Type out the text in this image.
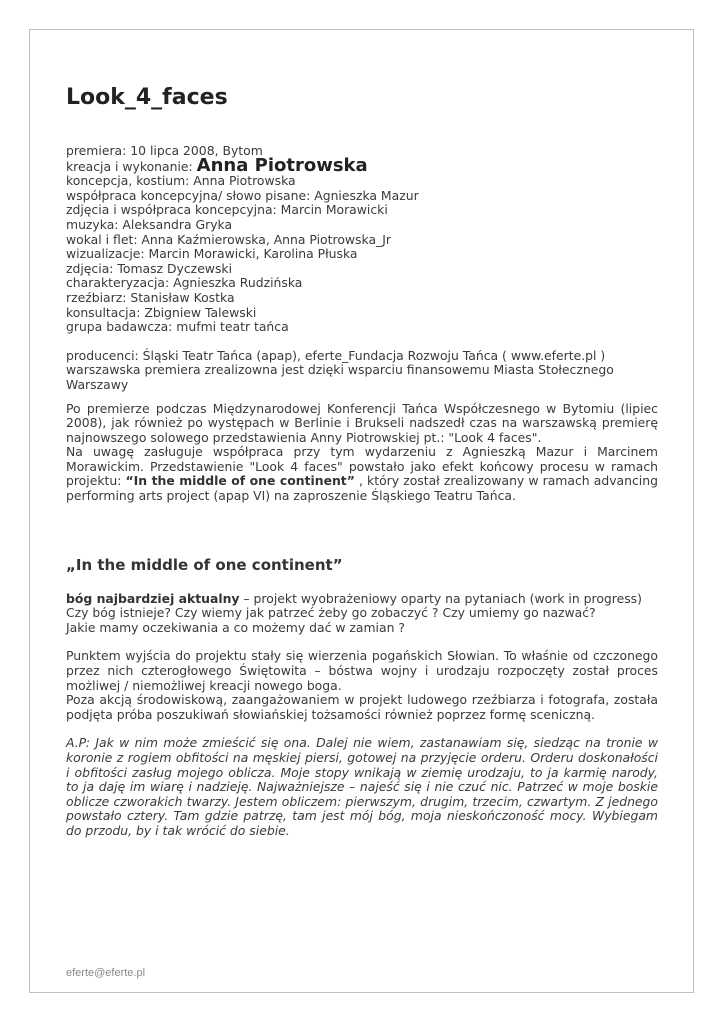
Look_4_faces
premiera: 10 lipca 2008, Bytom
kreacja i wykonanie: Anna Piotrowska
koncepcja, kostium: Anna Piotrowska
współpraca koncepcyjna/ słowo pisane: Agnieszka Mazur
zdjęcia i współpraca koncepcyjna: Marcin Morawicki
muzyka: Aleksandra Gryka
wokal i flet: Anna Kaźmierowska, Anna Piotrowska_Jr
wizualizacje: Marcin Morawicki, Karolina Płuska
zdjęcia: Tomasz Dyczewski
charakteryzacja: Agnieszka Rudzińska
rzeźbiarz: Stanisław Kostka
konsultacja: Zbigniew Talewski
grupa badawcza: mufmi teatr tańca
producenci: Śląski Teatr Tańca (apap), eferte_Fundacja Rozwoju Tańca ( www.eferte.pl )
warszawska premiera zrealizowna jest dzięki wsparciu finansowemu Miasta Stołecznego Warszawy
Po premierze podczas Międzynarodowej Konferencji Tańca Współczesnego w Bytomiu (lipiec 2008), jak również po występach w Berlinie i Brukseli nadszedł czas na warszawską premierę najnowszego solowego przedstawienia Anny Piotrowskiej pt.: "Look 4 faces".
Na uwagę zasługuje współpraca przy tym wydarzeniu z Agnieszką Mazur i Marcinem Morawickim. Przedstawienie "Look 4 faces" powstało jako efekt końcowy procesu w ramach projektu: “In the middle of one continent” , który został zrealizowany w ramach advancing performing arts project (apap VI) na zaproszenie Śląskiego Teatru Tańca.
„In the middle of one continent”
bóg najbardziej aktualny – projekt wyobrażeniowy oparty na pytaniach (work in progress)
Czy bóg istnieje? Czy wiemy jak patrzeć żeby go zobaczyć ? Czy umiemy go nazwać?
Jakie mamy oczekiwania a co możemy dać w zamian ?
Punktem wyjścia do projektu stały się wierzenia pogańskich Słowian. To właśnie od czczonego przez nich czterogłowego Świętowita – bóstwa wojny i urodzaju rozpoczęty został proces możliwej / niemożliwej kreacji nowego boga.
Poza akcją środowiskową, zaangażowaniem w projekt ludowego rzeźbiarza i fotografa, została podjęta próba poszukiwań słowiańskiej tożsamości również poprzez formę sceniczną.
A.P: Jak w nim może zmieścić się ona. Dalej nie wiem, zastanawiam się, siedząc na tronie w koronie z rogiem obfitości na męskiej piersi, gotowej na przyjęcie orderu. Orderu doskonałości i obfitości zasług mojego oblicza. Moje stopy wnikają w ziemię urodzaju, to ja karmię narody, to ja daję im wiarę i nadzieję. Najważniejsze – najeść się i nie czuć nic. Patrzeć w moje boskie oblicze czworakich twarzy. Jestem obliczem: pierwszym, drugim, trzecim, czwartym. Z jednego powstało cztery. Tam gdzie patrzę, tam jest mój bóg, moja nieskończoność mocy. Wybiegam do przodu, by i tak wrócić do siebie.
eferte@eferte.pl
